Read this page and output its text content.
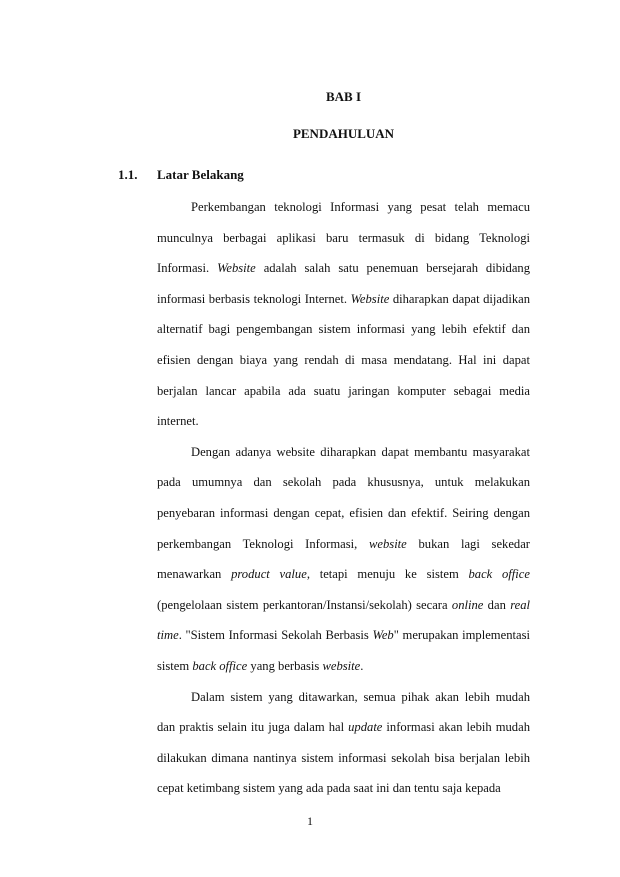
BAB I
PENDAHULUAN
1.1. Latar Belakang

Perkembangan teknologi Informasi yang pesat telah memacu munculnya berbagai aplikasi baru termasuk di bidang Teknologi Informasi. Website adalah salah satu penemuan bersejarah dibidang informasi berbasis teknologi Internet. Website diharapkan dapat dijadikan alternatif bagi pengembangan sistem informasi yang lebih efektif dan efisien dengan biaya yang rendah di masa mendatang. Hal ini dapat berjalan lancar apabila ada suatu jaringan komputer sebagai media internet.

Dengan adanya website diharapkan dapat membantu masyarakat pada umumnya dan sekolah pada khususnya, untuk melakukan penyebaran informasi dengan cepat, efisien dan efektif. Seiring dengan perkembangan Teknologi Informasi, website bukan lagi sekedar menawarkan product value, tetapi menuju ke sistem back office (pengelolaan sistem perkantoran/Instansi/sekolah) secara online dan real time. "Sistem Informasi Sekolah Berbasis Web" merupakan implementasi sistem back office yang berbasis website.

Dalam sistem yang ditawarkan, semua pihak akan lebih mudah dan praktis selain itu juga dalam hal update informasi akan lebih mudah dilakukan dimana nantinya sistem informasi sekolah bisa berjalan lebih cepat ketimbang sistem yang ada pada saat ini dan tentu saja kepada

1
